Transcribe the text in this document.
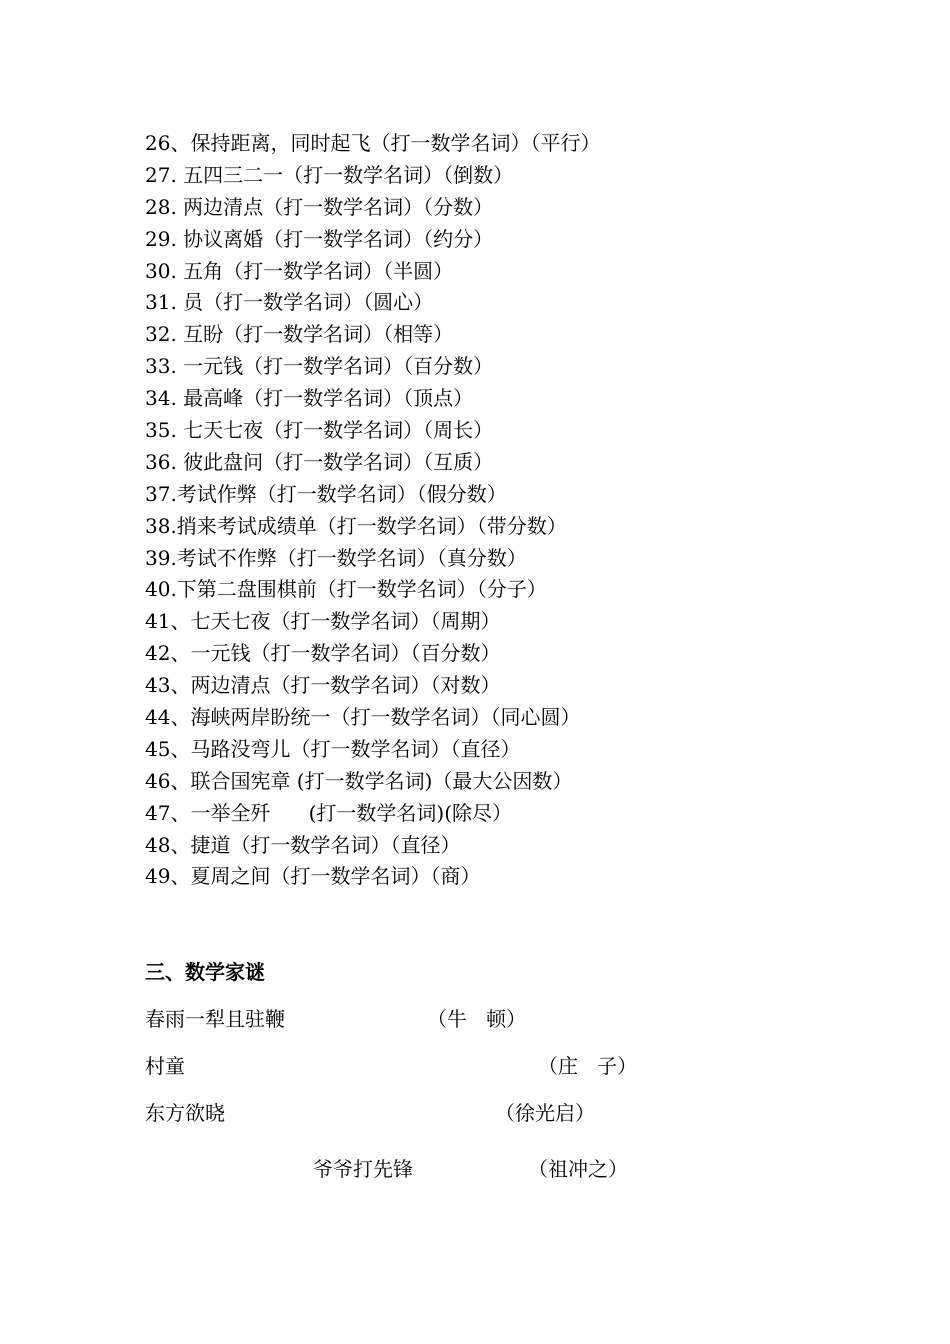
26、保持距离，同时起飞（打一数学名词）（平行）
27. 五四三二一（打一数学名词）（倒数）
28. 两边清点（打一数学名词）（分数）
29. 协议离婚（打一数学名词）（约分）
30. 五角（打一数学名词）（半圆）
31. 员（打一数学名词）（圆心）
32. 互盼（打一数学名词）（相等）
33. 一元钱（打一数学名词）（百分数）
34. 最高峰（打一数学名词）（顶点）
35. 七天七夜（打一数学名词）（周长）
36. 彼此盘问（打一数学名词）（互质）
37.考试作弊（打一数学名词）（假分数）
38.捎来考试成绩单（打一数学名词）（带分数）
39.考试不作弊（打一数学名词）（真分数）
40.下第二盘围棋前（打一数学名词）（分子）
41、七天七夜（打一数学名词）（周期）
42、一元钱（打一数学名词）（百分数）
43、两边清点（打一数学名词）（对数）
44、海峡两岸盼统一（打一数学名词）（同心圆）
45、马路没弯儿（打一数学名词）（直径）
46、联合国宪章 (打一数学名词)（最大公因数）
47、一举全歼      (打一数学名词)(除尽）
48、捷道（打一数学名词）（直径）
49、夏周之间（打一数学名词）（商）
三、数学家谜

春雨一犁且驻鞭

	（牛   顿）

村童

	（庄   子）

东方欲晓

	（徐光启）

爷爷打先锋

	（祖冲之）
